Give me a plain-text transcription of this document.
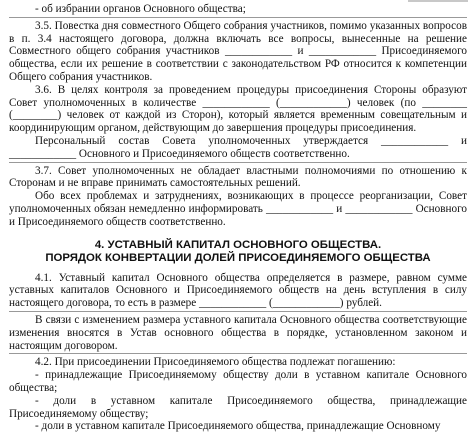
- об избрании органов Основного общества;

3.5. Повестка дня совместного Общего собрания участников, помимо указанных вопросов в п. 3.4 настоящего договора, должна включать все вопросы, вынесенные на решение Совместного общего собрания участников ____________ и ____________ Присоединяемого общества, если их решение в соответствии с законодательством РФ относится к компетенции Общего собрания участников.

3.6. В целях контроля за проведением процедуры присоединения Стороны образуют Совет уполномоченных в количестве ____________ (____________) человек (по ________ (________) человек от каждой из Сторон), который является временным совещательным и координирующим органом, действующим до завершения процедуры присоединения.

Персональный состав Совета уполномоченных утверждается ____________ и ____________ Основного и Присоединяемого обществ соответственно.

3.7. Совет уполномоченных не обладает властными полномочиями по отношению к Сторонам и не вправе принимать самостоятельных решений.

Обо всех проблемах и затруднениях, возникающих в процессе реорганизации, Совет уполномоченных обязан немедленно информировать ____________ и ____________ Основного и Присоединяемого обществ соответственно.

4. УСТАВНЫЙ КАПИТАЛ ОСНОВНОГО ОБЩЕСТВА.

ПОРЯДОК КОНВЕРТАЦИИ ДОЛЕЙ ПРИСОЕДИНЯЕМОГО ОБЩЕСТВА

4.1. Уставный капитал Основного общества определяется в размере, равном сумме уставных капиталов Основного и Присоединяемого обществ на день вступления в силу настоящего договора, то есть в размере ____________ (____________) рублей.

В связи с изменением размера уставного капитала Основного общества соответствующие изменения вносятся в Устав основного общества в порядке, установленном законом и настоящим договором.

4.2. При присоединении Присоединяемого общества подлежат погашению:

- принадлежащие Присоединяемому обществу доли в уставном капитале Основного общества;

- доли в уставном капитале Присоединяемого общества, принадлежащие Присоединяемому обществу;

- доли в уставном капитале Присоединяемого общества, принадлежащие Основному
